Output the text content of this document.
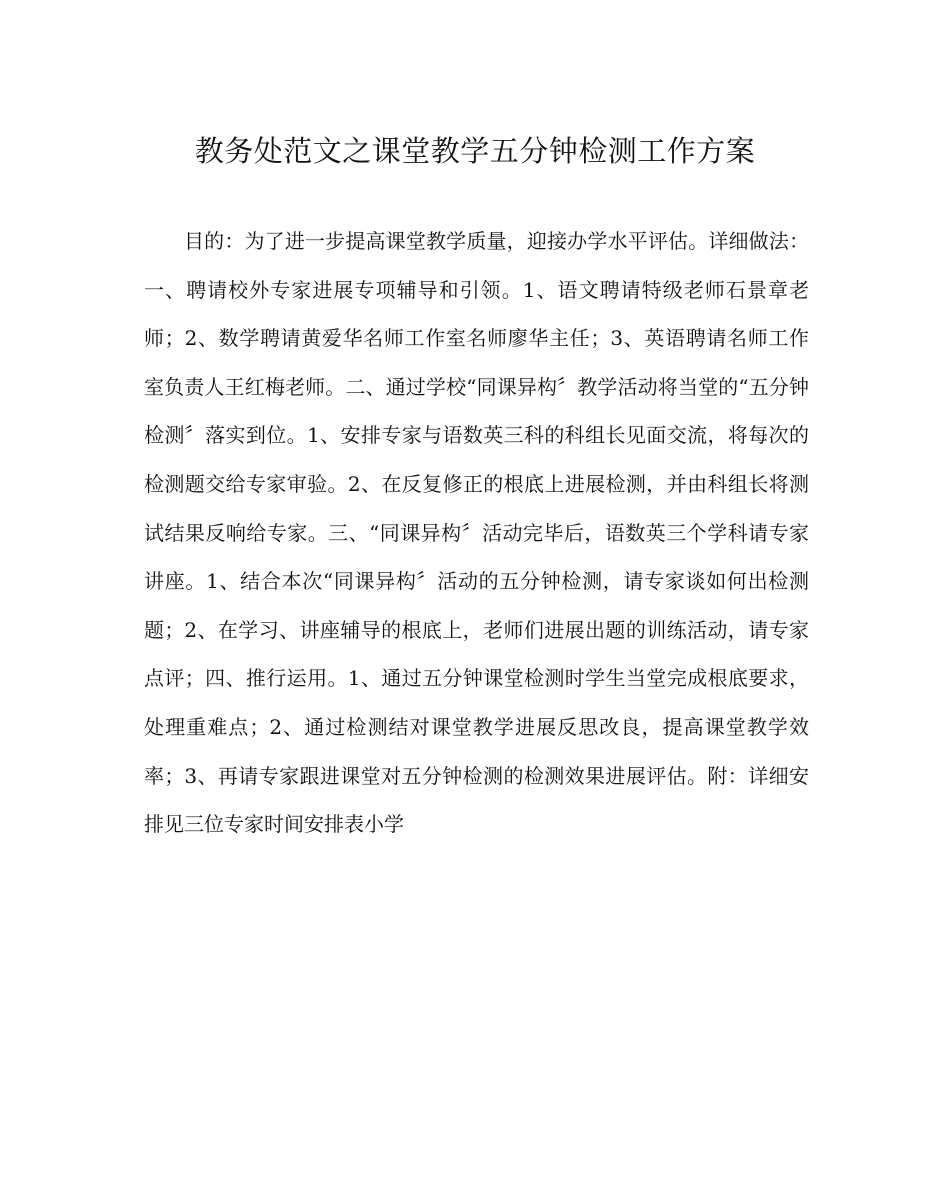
教务处范文之课堂教学五分钟检测工作方案

目的：为了进一步提高课堂教学质量，迎接办学水平评估。详细做法：一、聘请校外专家进展专项辅导和引领。1、语文聘请特级老师石景章老师；2、数学聘请黄爱华名师工作室名师廖华主任；3、英语聘请名师工作室负责人王红梅老师。二、通过学校“同课异构〞教学活动将当堂的“五分钟检测〞落实到位。1、安排专家与语数英三科的科组长见面交流，将每次的检测题交给专家审验。2、在反复修正的根底上进展检测，并由科组长将测试结果反响给专家。三、“同课异构〞活动完毕后，语数英三个学科请专家讲座。1、结合本次“同课异构〞活动的五分钟检测，请专家谈如何出检测题；2、在学习、讲座辅导的根底上，老师们进展出题的训练活动，请专家点评；四、推行运用。1、通过五分钟课堂检测时学生当堂完成根底要求，处理重难点；2、通过检测结对课堂教学进展反思改良，提高课堂教学效率；3、再请专家跟进课堂对五分钟检测的检测效果进展评估。附：详细安排见三位专家时间安排表小学
